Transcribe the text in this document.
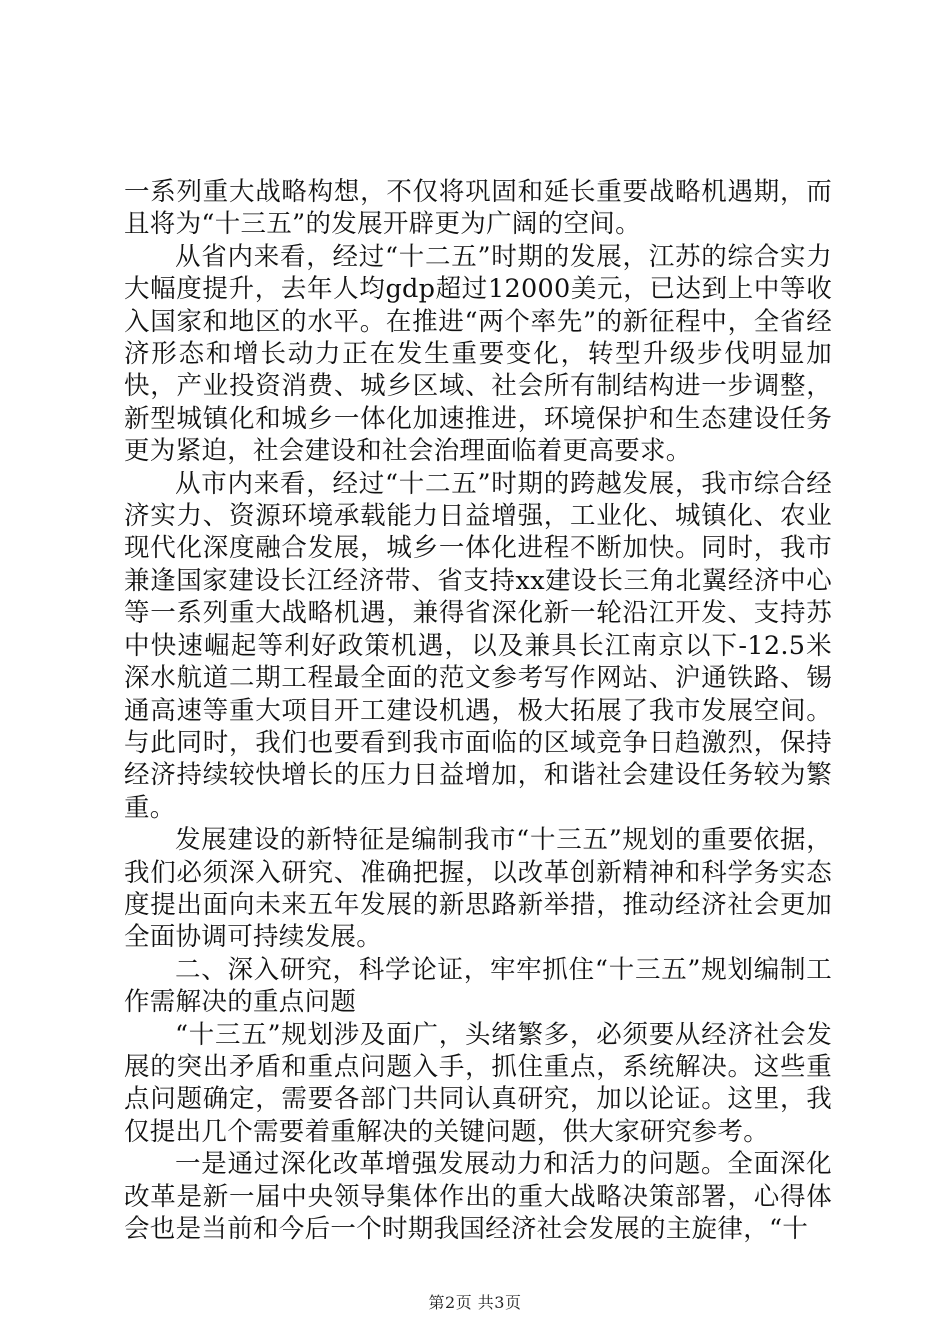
一系列重大战略构想，不仅将巩固和延长重要战略机遇期，而且将为“十三五”的发展开辟更为广阔的空间。

从省内来看，经过“十二五”时期的发展，江苏的综合实力大幅度提升，去年人均gdp超过12000美元，已达到上中等收入国家和地区的水平。在推进“两个率先”的新征程中，全省经济形态和增长动力正在发生重要变化，转型升级步伐明显加快，产业投资消费、城乡区域、社会所有制结构进一步调整，新型城镇化和城乡一体化加速推进，环境保护和生态建设任务更为紧迫，社会建设和社会治理面临着更高要求。

从市内来看，经过“十二五”时期的跨越发展，我市综合经济实力、资源环境承载能力日益增强，工业化、城镇化、农业现代化深度融合发展，城乡一体化进程不断加快。同时，我市兼逢国家建设长江经济带、省支持xx建设长三角北翼经济中心等一系列重大战略机遇，兼得省深化新一轮沿江开发、支持苏中快速崛起等利好政策机遇，以及兼具长江南京以下-12.5米深水航道二期工程最全面的范文参考写作网站、沪通铁路、锡通高速等重大项目开工建设机遇，极大拓展了我市发展空间。与此同时，我们也要看到我市面临的区域竞争日趋激烈，保持经济持续较快增长的压力日益增加，和谐社会建设任务较为繁重。

发展建设的新特征是编制我市“十三五”规划的重要依据，我们必须深入研究、准确把握，以改革创新精神和科学务实态度提出面向未来五年发展的新思路新举措，推动经济社会更加全面协调可持续发展。

二、深入研究，科学论证，牢牢抓住“十三五”规划编制工作需解决的重点问题

“十三五”规划涉及面广，头绪繁多，必须要从经济社会发展的突出矛盾和重点问题入手，抓住重点，系统解决。这些重点问题确定，需要各部门共同认真研究，加以论证。这里，我仅提出几个需要着重解决的关键问题，供大家研究参考。

一是通过深化改革增强发展动力和活力的问题。全面深化改革是新一届中央领导集体作出的重大战略决策部署，心得体会也是当前和今后一个时期我国经济社会发展的主旋律，“十

第2页 共3页
